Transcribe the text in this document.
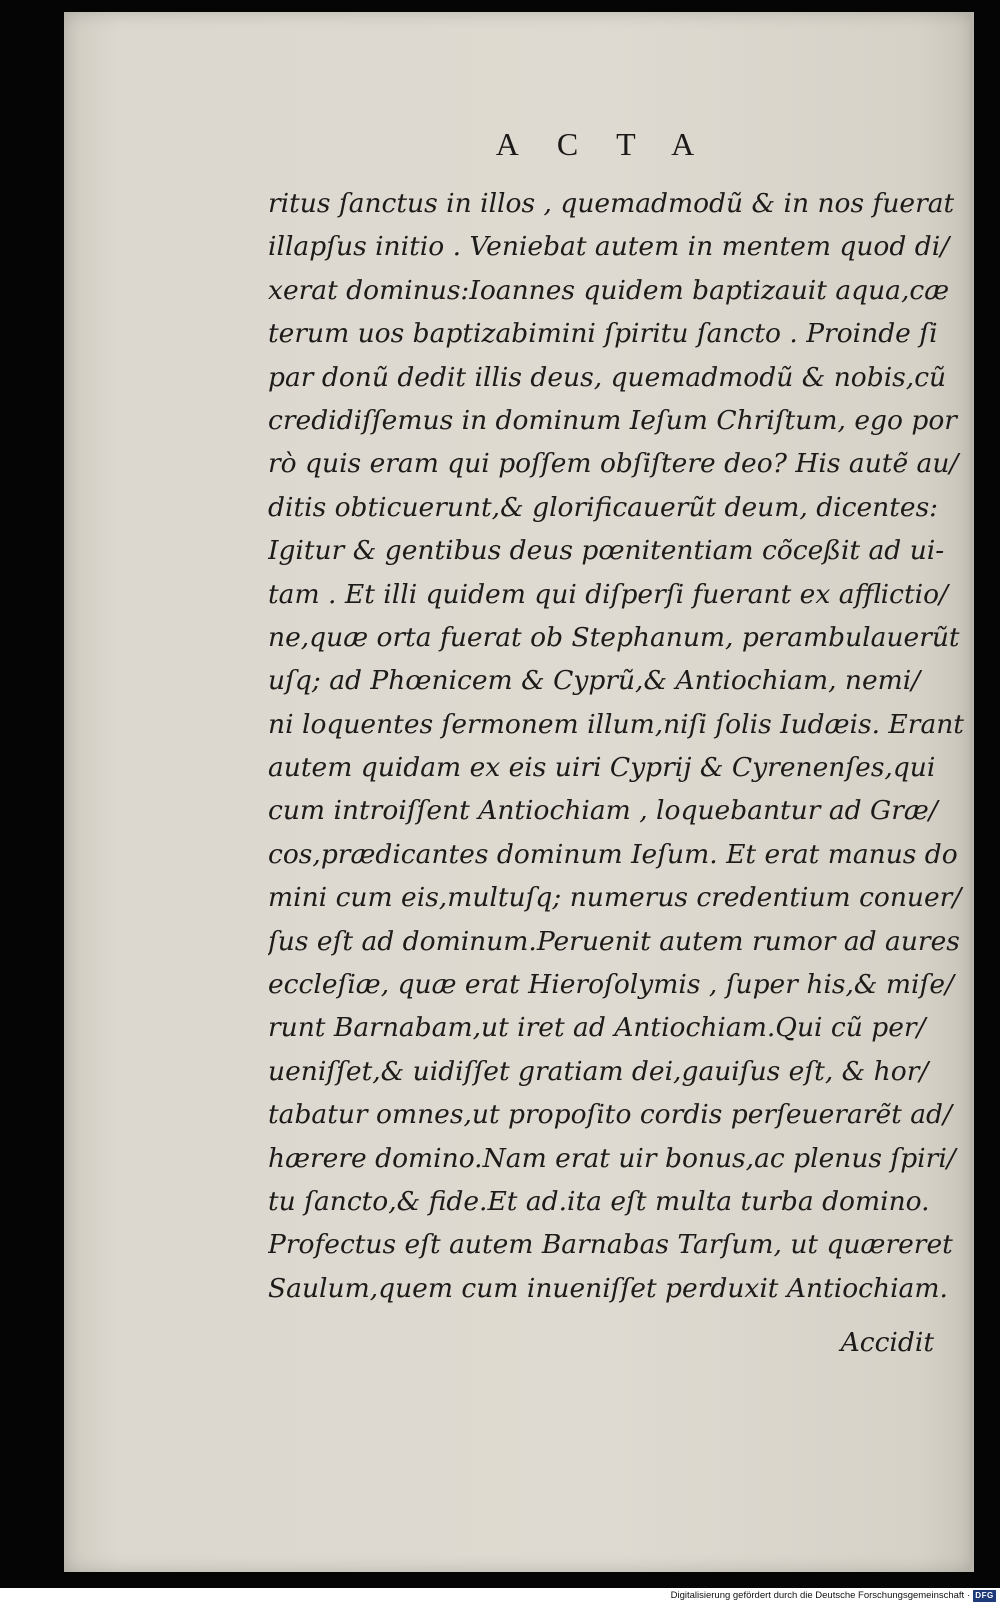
ACTA
ritus ſanctus in illos , quemadmodũ & in nos fuerat
illapſus initio . Veniebat autem in mentem quod di/
xerat dominus:Ioannes quidem baptizauit aqua,cæ
terum uos baptizabimini ſpiritu ſancto . Proinde ſi
par donũ dedit illis deus, quemadmodũ & nobis,cũ
credidiſſemus in dominum Ieſum Chriſtum, ego por
rò quis eram qui poſſem obſiſtere deo? His autẽ au/
ditis obticuerunt,& glorificauerũt deum, dicentes:
Igitur & gentibus deus pœnitentiam cõceßit ad ui-
tam . Et illi quidem qui diſperſi fuerant ex afflictio/
ne,quæ orta fuerat ob Stephanum, perambulauerũt
uſq; ad Phœnicem & Cyprũ,& Antiochiam, nemi/
ni loquentes ſermonem illum,niſi ſolis Iudæis. Erant
autem quidam ex eis uiri Cyprij & Cyrenenſes,qui
cum introiſſent Antiochiam , loquebantur ad Græ/
cos,prædicantes dominum Ieſum. Et erat manus do
mini cum eis,multuſq; numerus credentium conuer/
ſus eſt ad dominum.Peruenit autem rumor ad aures
eccleſiæ, quæ erat Hieroſolymis , ſuper his,& miſe/
runt Barnabam,ut iret ad Antiochiam.Qui cũ per/
ueniſſet,& uidiſſet gratiam dei,gauiſus eſt, & hor/
tabatur omnes,ut propoſito cordis perſeuerarẽt ad/
hærere domino.Nam erat uir bonus,ac plenus ſpiri/
tu ſancto,& fide.Et ad.ita eſt multa turba domino.
Profectus eſt autem Barnabas Tarſum, ut quæreret
Saulum,quem cum inueniſſet perduxit Antiochiam.
Accidit
Digitalisierung gefördert durch die Deutsche Forschungsgemeinschaft · DFG
